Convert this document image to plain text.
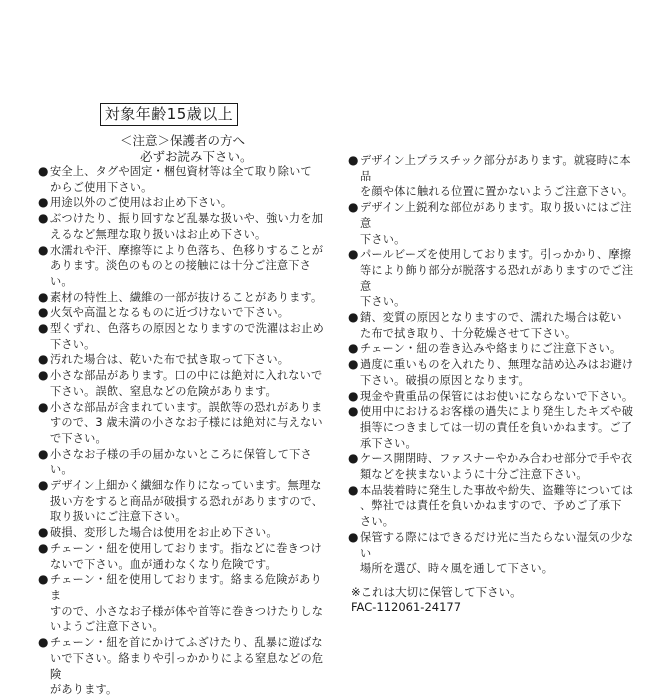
対象年齢15歳以上
＜注意＞保護者の方へ
必ずお読み下さい。
● 安全上、タグや固定・梱包資材等は全て取り除いて
からご使用下さい。
● 用途以外のご使用はお止め下さい。
● ぶつけたり、振り回すなど乱暴な扱いや、強い力を加
えるなど無理な取り扱いはお止め下さい。
● 水濡れや汗、摩擦等により色落ち、色移りすることが
あります。淡色のものとの接触には十分ご注意下さい。
● 素材の特性上、繊維の一部が抜けることがあります。
● 火気や高温となるものに近づけないで下さい。
● 型くずれ、色落ちの原因となりますので洗濯はお止め
下さい。
● 汚れた場合は、乾いた布で拭き取って下さい。
● 小さな部品があります。口の中には絶対に入れないで
下さい。誤飲、窒息などの危険があります。
● 小さな部品が含まれています。誤飲等の恐れがありま
すので、3 歳未満の小さなお子様には絶対に与えない
で下さい。
● 小さなお子様の手の届かないところに保管して下さい。
● デザイン上細かく繊細な作りになっています。無理な
扱い方をすると商品が破損する恐れがありますので、
取り扱いにご注意下さい。
● 破損、変形した場合は使用をお止め下さい。
● チェーン・紐を使用しております。指などに巻きつけ
ないで下さい。血が通わなくなり危険です。
● チェーン・紐を使用しております。絡まる危険がありま
すので、小さなお子様が体や首等に巻きつけたりしな
いようご注意下さい。
● チェーン・紐を首にかけてふざけたり、乱暴に遊ばな
いで下さい。絡まりや引っかかりによる窒息などの危険
があります。
● デザイン上プラスチック部分があります。就寝時に本品
を顔や体に触れる位置に置かないようご注意下さい。
● デザイン上鋭利な部位があります。取り扱いにはご注意
下さい。
● パールビーズを使用しております。引っかかり、摩擦
等により飾り部分が脱落する恐れがありますのでご注意
下さい。
● 錆、変質の原因となりますので、濡れた場合は乾い
た布で拭き取り、十分乾燥させて下さい。
● チェーン・紐の巻き込みや絡まりにご注意下さい。
● 過度に重いものを入れたり、無理な詰め込みはお避け
下さい。破損の原因となります。
● 現金や貴重品の保管にはお使いにならないで下さい。
● 使用中におけるお客様の過失により発生したキズや破
損等につきましては一切の責任を負いかねます。ご了
承下さい。
● ケース開閉時、ファスナーやかみ合わせ部分で手や衣
類などを挟まないように十分ご注意下さい。
● 本品装着時に発生した事故や紛失、盗難等については
、弊社では責任を負いかねますので、予めご了承下
さい。
● 保管する際にはできるだけ光に当たらない湿気の少ない
場所を選び、時々風を通して下さい。
※これは大切に保管して下さい。
FAC-112061-24177
